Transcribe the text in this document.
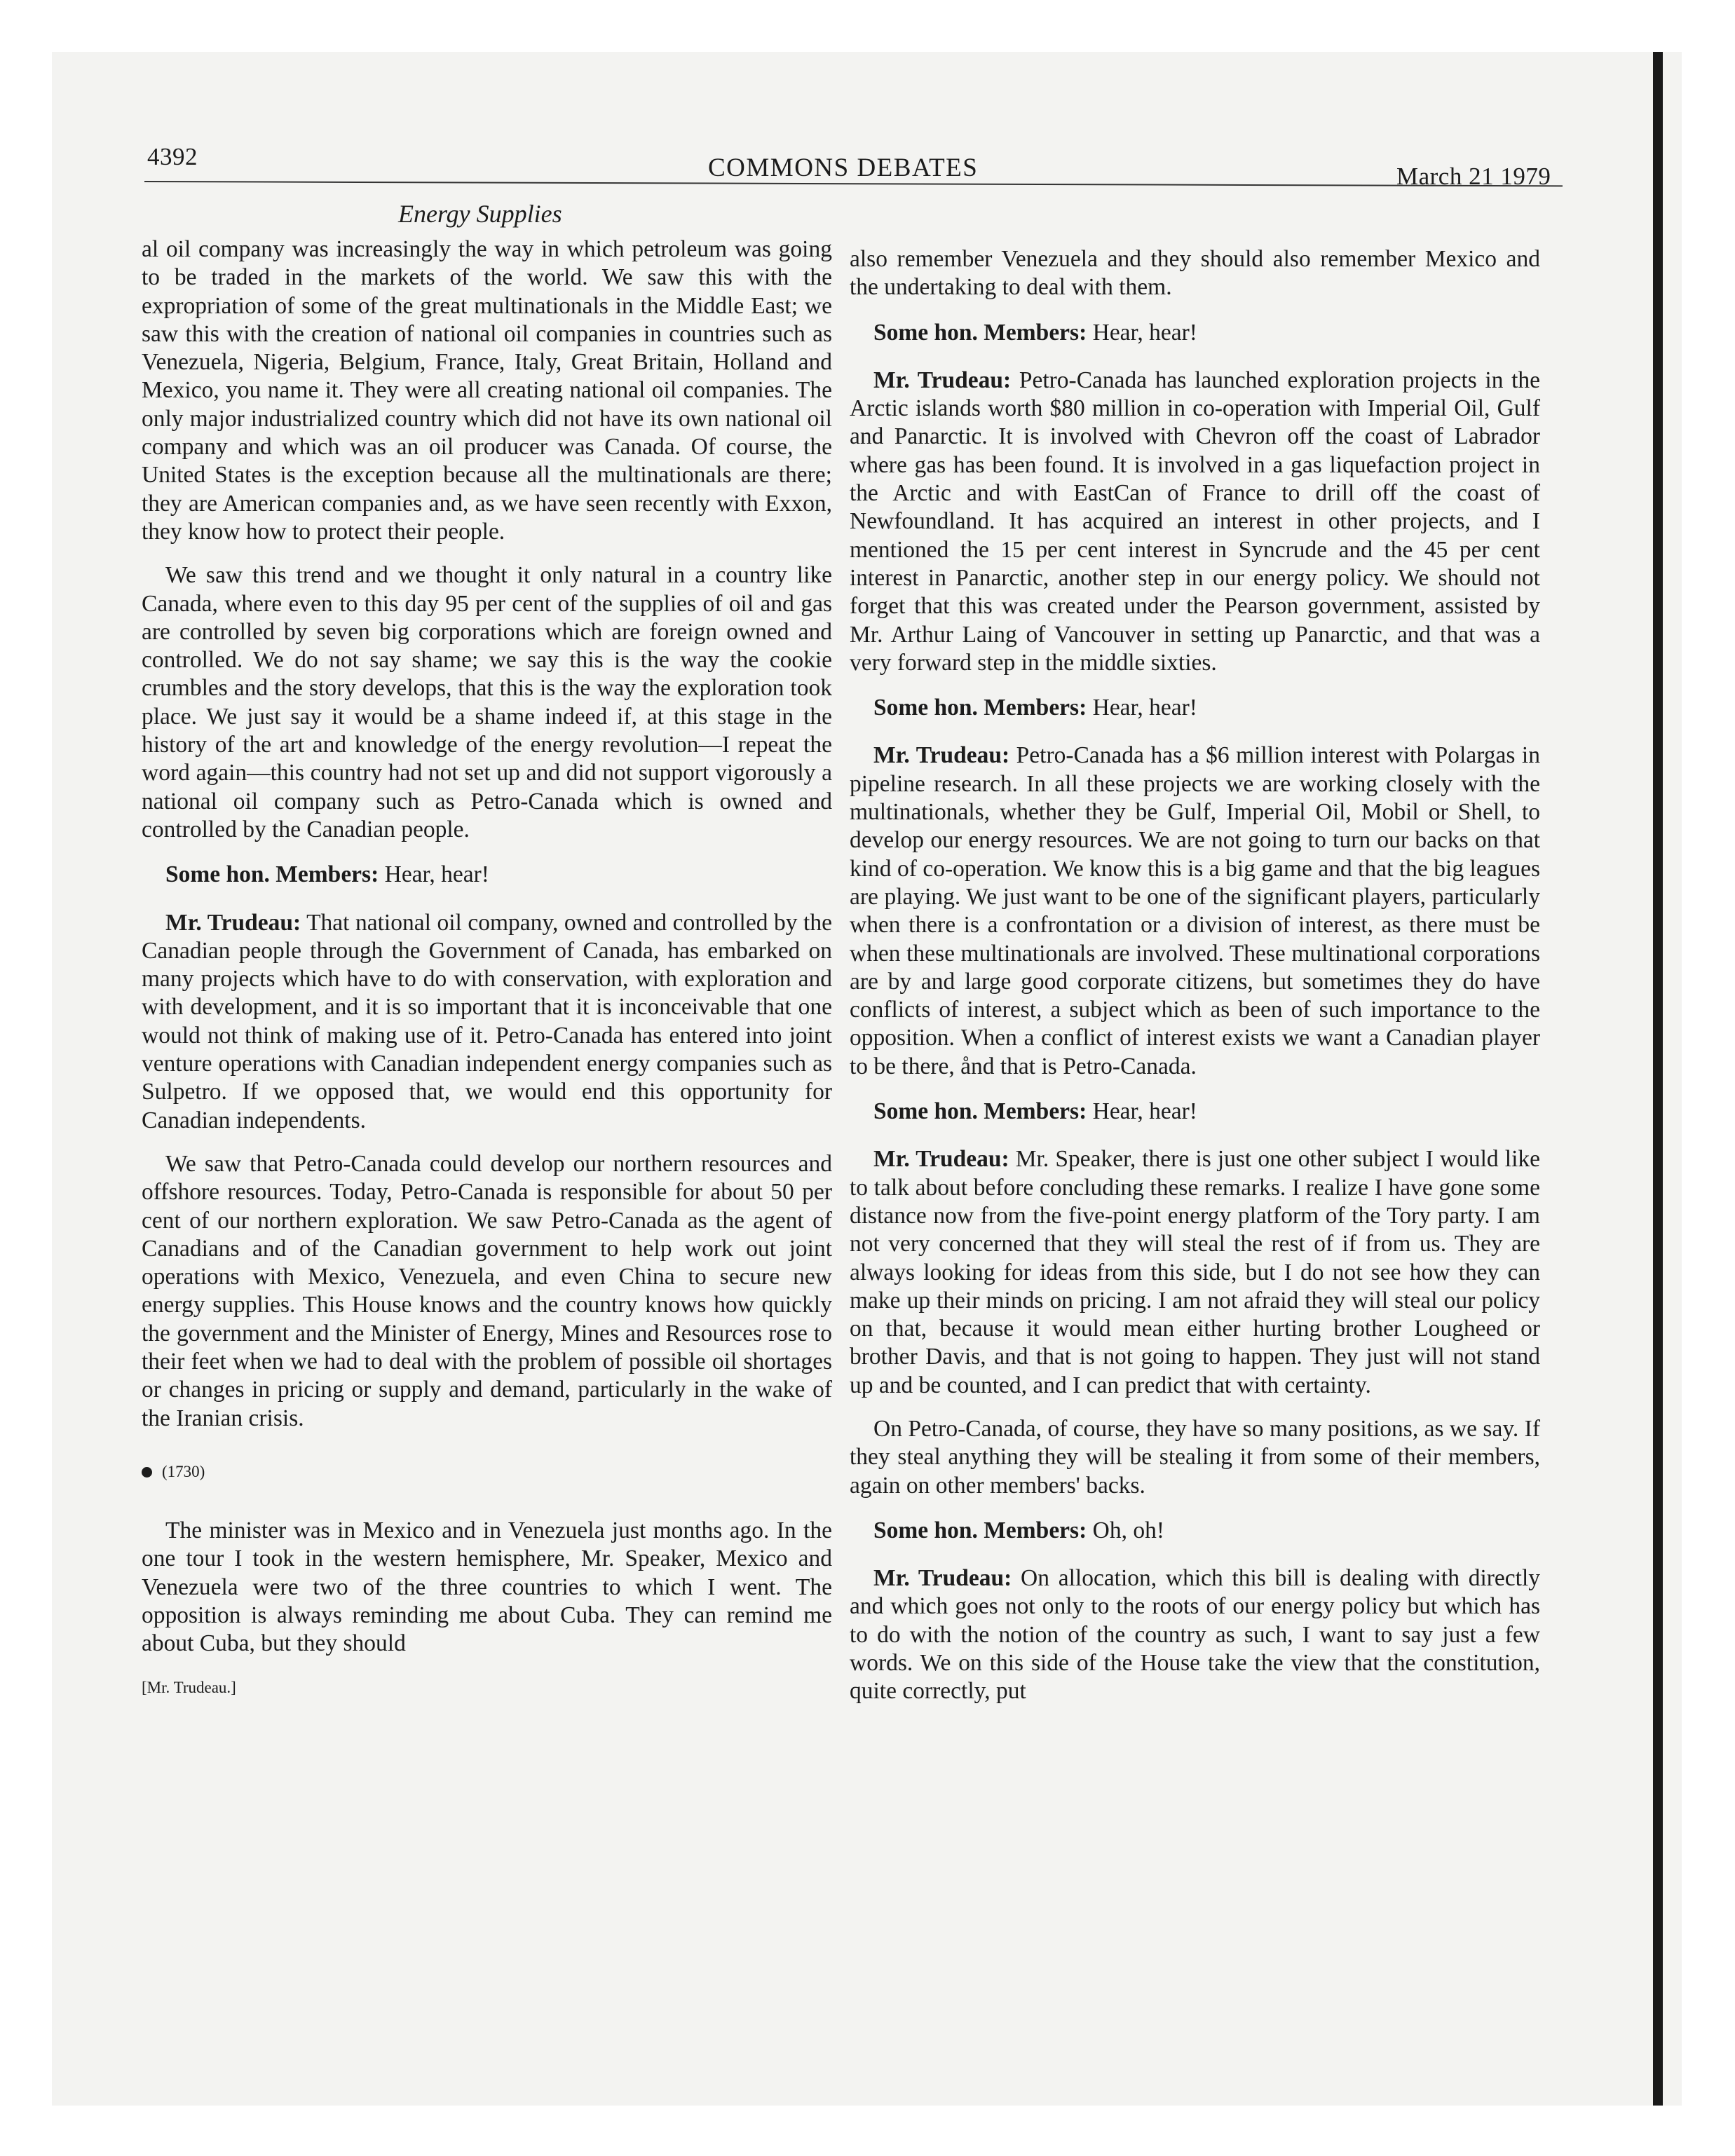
4392	COMMONS DEBATES	March 21 1979
Energy Supplies

al oil company was increasingly the way in which petroleum was going to be traded in the markets of the world. We saw this with the expropriation of some of the great multinationals in the Middle East; we saw this with the creation of national oil companies in countries such as Venezuela, Nigeria, Belgium, France, Italy, Great Britain, Holland and Mexico, you name it. They were all creating national oil companies. The only major industrialized country which did not have its own national oil company and which was an oil producer was Canada. Of course, the United States is the exception because all the multinationals are there; they are American companies and, as we have seen recently with Exxon, they know how to protect their people.

We saw this trend and we thought it only natural in a country like Canada, where even to this day 95 per cent of the supplies of oil and gas are controlled by seven big corporations which are foreign owned and controlled. We do not say shame; we say this is the way the cookie crumbles and the story develops, that this is the way the exploration took place. We just say it would be a shame indeed if, at this stage in the history of the art and knowledge of the energy revolution—I repeat the word again—this country had not set up and did not support vigorously a national oil company such as Petro-Canada which is owned and controlled by the Canadian people.

Some hon. Members: Hear, hear!

Mr. Trudeau: That national oil company, owned and controlled by the Canadian people through the Government of Canada, has embarked on many projects which have to do with conservation, with exploration and with development, and it is so important that it is inconceivable that one would not think of making use of it. Petro-Canada has entered into joint venture operations with Canadian independent energy companies such as Sulpetro. If we opposed that, we would end this opportunity for Canadian independents.

We saw that Petro-Canada could develop our northern resources and offshore resources. Today, Petro-Canada is responsible for about 50 per cent of our northern exploration. We saw Petro-Canada as the agent of Canadians and of the Canadian government to help work out joint operations with Mexico, Venezuela, and even China to secure new energy supplies. This House knows and the country knows how quickly the government and the Minister of Energy, Mines and Resources rose to their feet when we had to deal with the problem of possible oil shortages or changes in pricing or supply and demand, particularly in the wake of the Iranian crisis.

(1730)

The minister was in Mexico and in Venezuela just months ago. In the one tour I took in the western hemisphere, Mr. Speaker, Mexico and Venezuela were two of the three countries to which I went. The opposition is always reminding me about Cuba. They can remind me about Cuba, but they should

[Mr. Trudeau.]

also remember Venezuela and they should also remember Mexico and the undertaking to deal with them.

Some hon. Members: Hear, hear!

Mr. Trudeau: Petro-Canada has launched exploration projects in the Arctic islands worth $80 million in co-operation with Imperial Oil, Gulf and Panarctic. It is involved with Chevron off the coast of Labrador where gas has been found. It is involved in a gas liquefaction project in the Arctic and with EastCan of France to drill off the coast of Newfoundland. It has acquired an interest in other projects, and I mentioned the 15 per cent interest in Syncrude and the 45 per cent interest in Panarctic, another step in our energy policy. We should not forget that this was created under the Pearson government, assisted by Mr. Arthur Laing of Vancouver in setting up Panarctic, and that was a very forward step in the middle sixties.

Some hon. Members: Hear, hear!

Mr. Trudeau: Petro-Canada has a $6 million interest with Polargas in pipeline research. In all these projects we are working closely with the multinationals, whether they be Gulf, Imperial Oil, Mobil or Shell, to develop our energy resources. We are not going to turn our backs on that kind of co-operation. We know this is a big game and that the big leagues are playing. We just want to be one of the significant players, particularly when there is a confrontation or a division of interest, as there must be when these multinationals are involved. These multinational corporations are by and large good corporate citizens, but sometimes they do have conflicts of interest, a subject which as been of such importance to the opposition. When a conflict of interest exists we want a Canadian player to be there, ånd that is Petro-Canada.

Some hon. Members: Hear, hear!

Mr. Trudeau: Mr. Speaker, there is just one other subject I would like to talk about before concluding these remarks. I realize I have gone some distance now from the five-point energy platform of the Tory party. I am not very concerned that they will steal the rest of if from us. They are always looking for ideas from this side, but I do not see how they can make up their minds on pricing. I am not afraid they will steal our policy on that, because it would mean either hurting brother Lougheed or brother Davis, and that is not going to happen. They just will not stand up and be counted, and I can predict that with certainty.

On Petro-Canada, of course, they have so many positions, as we say. If they steal anything they will be stealing it from some of their members, again on other members' backs.

Some hon. Members: Oh, oh!

Mr. Trudeau: On allocation, which this bill is dealing with directly and which goes not only to the roots of our energy policy but which has to do with the notion of the country as such, I want to say just a few words. We on this side of the House take the view that the constitution, quite correctly, put
